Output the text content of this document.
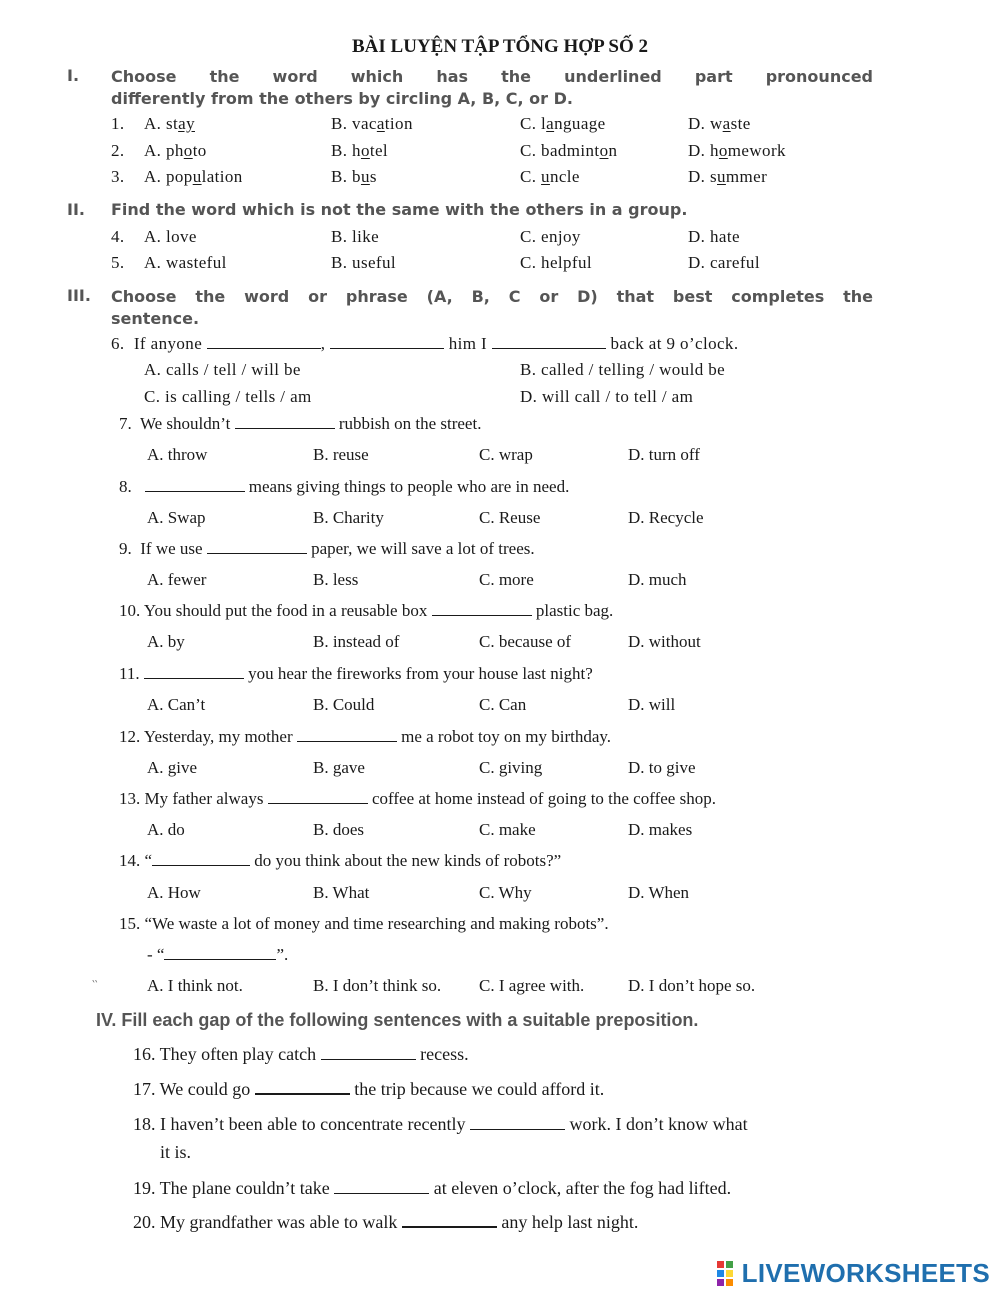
BÀI LUYỆN TẬP TỔNG HỢP SỐ 2
I. Choose the word which has the underlined part pronounced
differently from the others by circling A, B, C, or D.
1. A. stay	B. vacation	C. language	D. waste
2. A. photo	B. hotel	C. badminton	D. homework
3. A. population	B. bus	C. uncle	D. summer
II. Find the word which is not the same with the others in a group.
4. A. love	B. like	C. enjoy	D. hate
5. A. wasteful	B. useful	C. helpful	D. careful
III. Choose the word or phrase (A, B, C or D) that best completes the
sentence.
6. If anyone	,	him I	back at 9 o’clock.
A. calls / tell / will be	B. called / telling / would be
C. is calling / tells / am	D. will call / to tell / am
7. We shouldn’t	rubbish on the street.
A. throw	B. reuse	C. wrap	D. turn off
8.	means giving things to people who are in need.
A. Swap	B. Charity	C. Reuse	D. Recycle
9. If we use	paper, we will save a lot of trees.
A. fewer	B. less	C. more	D. much
10. You should put the food in a reusable box	plastic bag.
A. by	B. instead of	C. because of	D. without
11.	you hear the fireworks from your house last night?
A. Can’t	B. Could	C. Can	D. will
12. Yesterday, my mother	me a robot toy on my birthday.
A. give	B. gave	C. giving	D. to give
13. My father always	coffee at home instead of going to the coffee shop.
A. do	B. does	C. make	D. makes
14. “	do you think about the new kinds of robots?”
A. How	B. What	C. Why	D. When
15. “We waste a lot of money and time researching and making robots”.
- “	”.
‵‵	A. I think not.	B. I don’t think so. C. I agree with.	D. I don’t hope so.
IV. Fill each gap of the following sentences with a suitable preposition.
16. They often play catch	recess.
17. We could go	the trip because we could afford it.
18. I haven’t been able to concentrate recently	work. I don’t know what
it is.
19. The plane couldn’t take	at eleven o’clock, after the fog had lifted.
20. My grandfather was able to walk	any help last night.
LIVEWORKSHEETS
